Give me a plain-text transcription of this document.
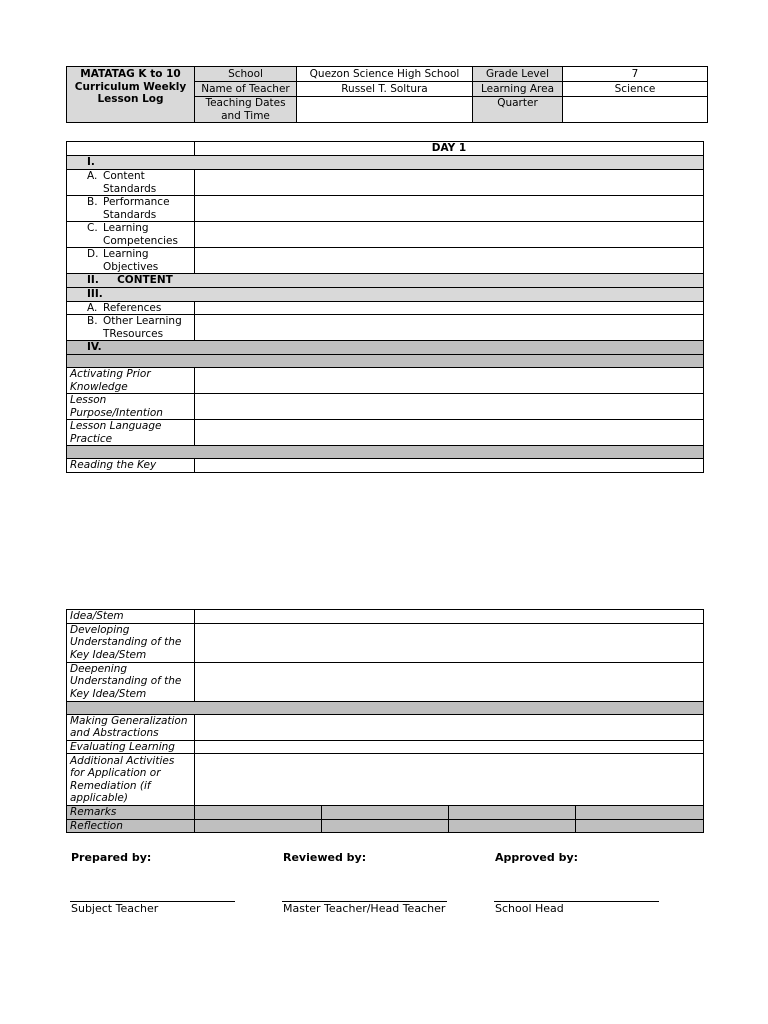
MATATAG K to 10 Curriculum Weekly Lesson Log	School	Quezon Science High School	Grade Level	7
	Name of Teacher	Russel T. Soltura	Learning Area	Science
	Teaching Dates and Time		Quarter	
	DAY 1
I.	

A. Content Standards	

B. Performance Standards	

C. Learning Competencies	

D. Learning Objectives	

II.     CONTENT	
III.	

A. References	

B. Other Learning TResources	

IV.	

Activating Prior Knowledge	
Lesson Purpose/Intention	
Lesson Language Practice	

Reading the Key	
Idea/Stem				
Developing Understanding of the Key Idea/Stem				
Deepening Understanding of the Key Idea/Stem				

Making Generalization and Abstractions				
Evaluating Learning				
Additional Activities for Application or Remediation (if applicable)				
Remarks				
Reflection				
Prepared by:
Subject Teacher
Reviewed by:
Master Teacher/Head Teacher
Approved by:
School Head
